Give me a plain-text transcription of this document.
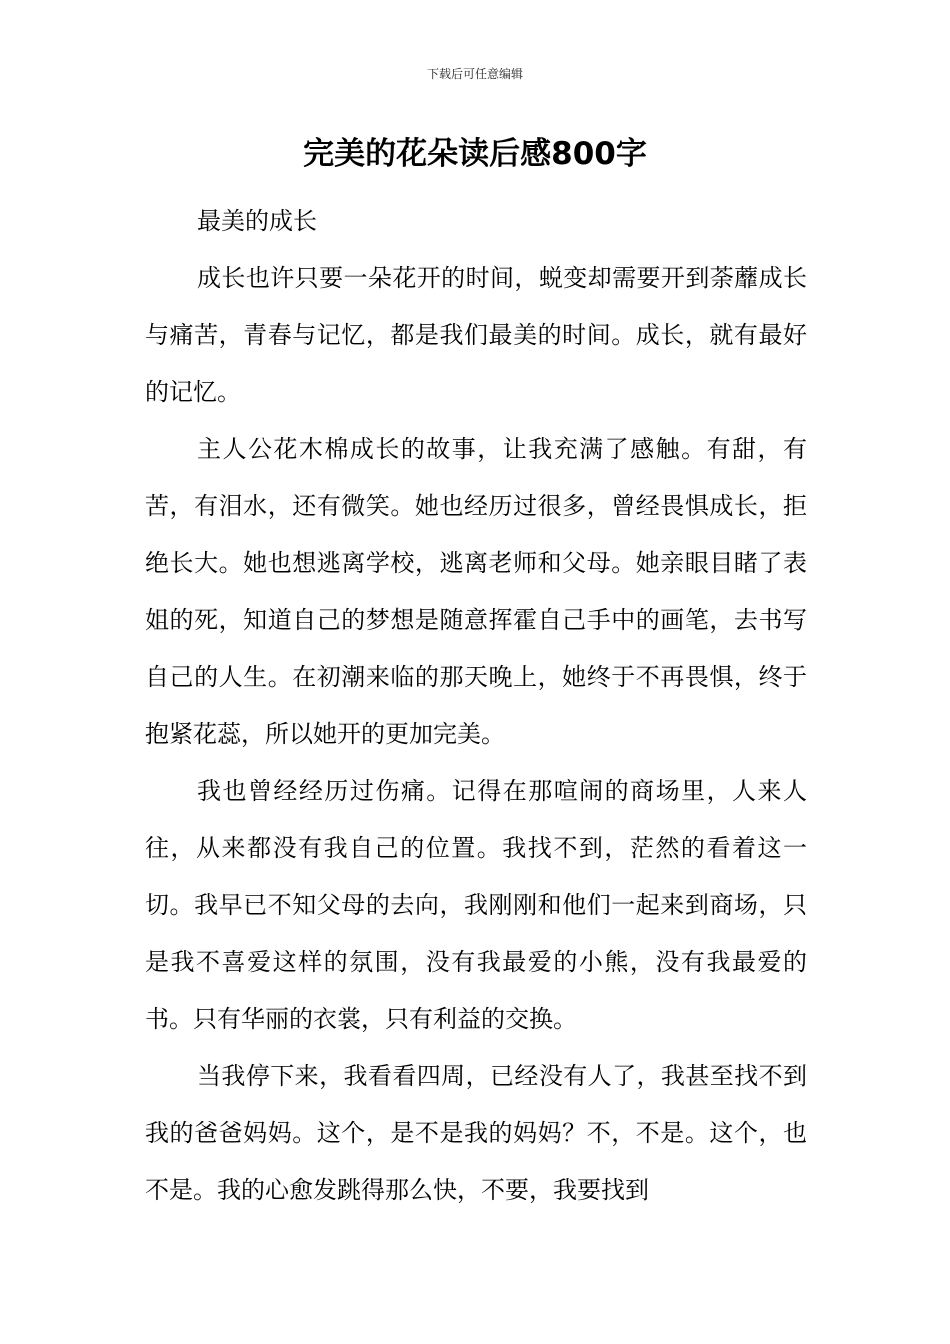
下载后可任意编辑
完美的花朵读后感800字

最美的成长

成长也许只要一朵花开的时间，蜕变却需要开到荼蘼成长与痛苦，青春与记忆，都是我们最美的时间。成长，就有最好的记忆。

主人公花木棉成长的故事，让我充满了感触。有甜，有苦，有泪水，还有微笑。她也经历过很多，曾经畏惧成长，拒绝长大。她也想逃离学校，逃离老师和父母。她亲眼目睹了表姐的死，知道自己的梦想是随意挥霍自己手中的画笔，去书写自己的人生。在初潮来临的那天晚上，她终于不再畏惧，终于抱紧花蕊，所以她开的更加完美。

我也曾经经历过伤痛。记得在那喧闹的商场里，人来人往，从来都没有我自己的位置。我找不到，茫然的看着这一切。我早已不知父母的去向，我刚刚和他们一起来到商场，只是我不喜爱这样的氛围，没有我最爱的小熊，没有我最爱的书。只有华丽的衣裳，只有利益的交换。

当我停下来，我看看四周，已经没有人了，我甚至找不到我的爸爸妈妈。这个，是不是我的妈妈？不，不是。这个，也不是。我的心愈发跳得那么快，不要，我要找到
